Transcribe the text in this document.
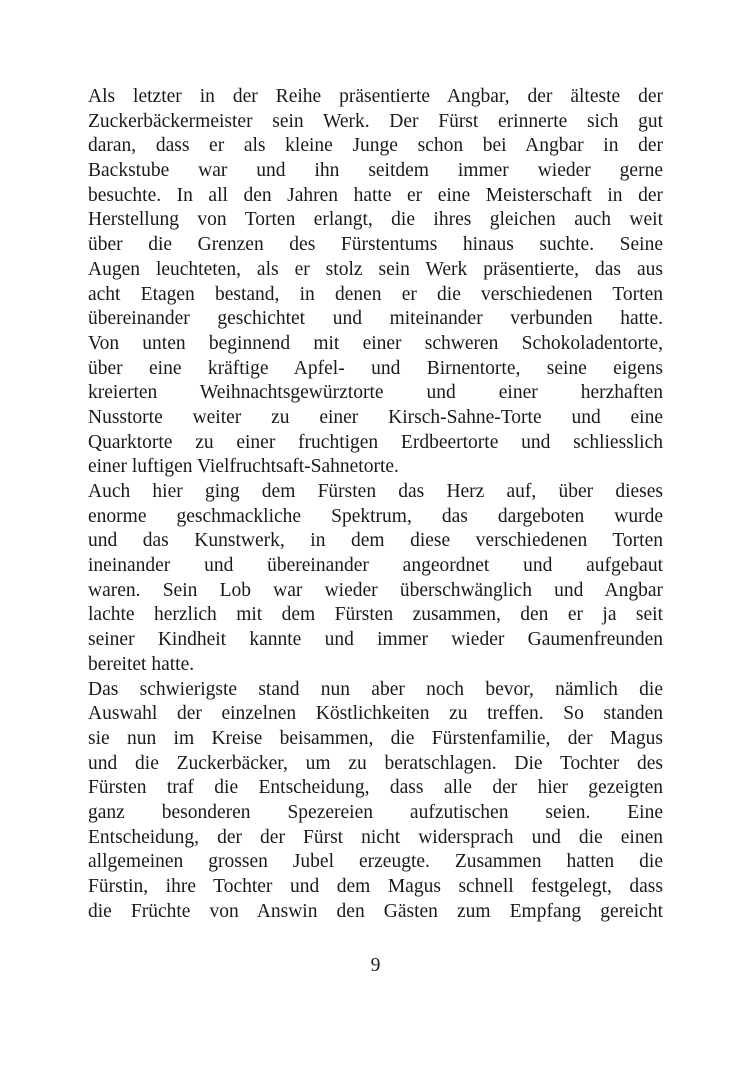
Als letzter in der Reihe präsentierte Angbar, der älteste der
Zuckerbäckermeister sein Werk. Der Fürst erinnerte sich gut
daran, dass er als kleine Junge schon bei Angbar in der
Backstube war und ihn seitdem immer wieder gerne
besuchte. In all den Jahren hatte er eine Meisterschaft in der
Herstellung von Torten erlangt, die ihres gleichen auch weit
über die Grenzen des Fürstentums hinaus suchte. Seine
Augen leuchteten, als er stolz sein Werk präsentierte, das aus
acht Etagen bestand, in denen er die verschiedenen Torten
übereinander geschichtet und miteinander verbunden hatte.
Von unten beginnend mit einer schweren Schokoladentorte,
über eine kräftige Apfel- und Birnentorte, seine eigens
kreierten Weihnachtsgewürztorte und einer herzhaften
Nusstorte weiter zu einer Kirsch-Sahne-Torte und eine
Quarktorte zu einer fruchtigen Erdbeertorte und schliesslich
einer luftigen Vielfruchtsaft-Sahnetorte.
Auch hier ging dem Fürsten das Herz auf, über dieses
enorme geschmackliche Spektrum, das dargeboten wurde
und das Kunstwerk, in dem diese verschiedenen Torten
ineinander und übereinander angeordnet und aufgebaut
waren. Sein Lob war wieder überschwänglich und Angbar
lachte herzlich mit dem Fürsten zusammen, den er ja seit
seiner Kindheit kannte und immer wieder Gaumenfreunden
bereitet hatte.
Das schwierigste stand nun aber noch bevor, nämlich die
Auswahl der einzelnen Köstlichkeiten zu treffen. So standen
sie nun im Kreise beisammen, die Fürstenfamilie, der Magus
und die Zuckerbäcker, um zu beratschlagen. Die Tochter des
Fürsten traf die Entscheidung, dass alle der hier gezeigten
ganz besonderen Spezereien aufzutischen seien. Eine
Entscheidung, der der Fürst nicht widersprach und die einen
allgemeinen grossen Jubel erzeugte. Zusammen hatten die
Fürstin, ihre Tochter und dem Magus schnell festgelegt, dass
die Früchte von Answin den Gästen zum Empfang gereicht
9
